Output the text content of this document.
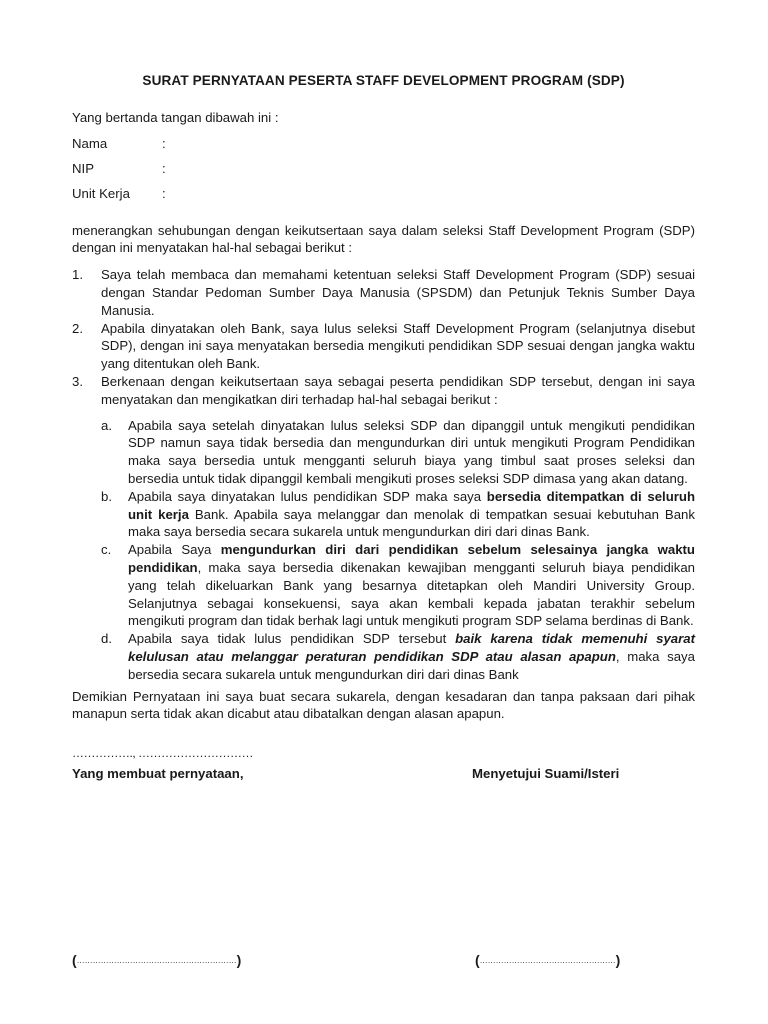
SURAT PERNYATAAN PESERTA STAFF DEVELOPMENT PROGRAM (SDP)
Yang bertanda tangan dibawah ini :
Nama	:
NIP	:
Unit Kerja	:
menerangkan sehubungan dengan keikutsertaan saya dalam seleksi Staff Development Program (SDP) dengan ini menyatakan hal-hal sebagai berikut :
1.	Saya telah membaca dan memahami ketentuan seleksi Staff Development Program (SDP) sesuai dengan Standar Pedoman Sumber Daya Manusia (SPSDM) dan Petunjuk Teknis Sumber Daya Manusia.
2.	Apabila dinyatakan oleh Bank, saya lulus seleksi Staff Development Program (selanjutnya disebut SDP), dengan ini saya menyatakan bersedia mengikuti pendidikan SDP sesuai dengan jangka waktu yang ditentukan oleh Bank.
3.	Berkenaan dengan keikutsertaan saya sebagai peserta pendidikan SDP tersebut, dengan ini saya menyatakan dan mengikatkan diri terhadap hal-hal sebagai berikut :
a.	Apabila saya setelah dinyatakan lulus seleksi SDP dan dipanggil untuk mengikuti pendidikan SDP namun saya tidak bersedia dan mengundurkan diri untuk mengikuti Program Pendidikan maka saya bersedia untuk mengganti seluruh biaya yang timbul saat proses seleksi dan bersedia untuk tidak dipanggil kembali mengikuti proses seleksi SDP dimasa yang akan datang.
b.	Apabila saya dinyatakan lulus pendidikan SDP maka saya bersedia ditempatkan di seluruh unit kerja Bank. Apabila saya melanggar dan menolak di tempatkan sesuai kebutuhan Bank maka saya bersedia secara sukarela untuk mengundurkan diri dari dinas Bank.
c.	Apabila Saya mengundurkan diri dari pendidikan sebelum selesainya jangka waktu pendidikan, maka saya bersedia dikenakan kewajiban mengganti seluruh biaya pendidikan yang telah dikeluarkan Bank yang besarnya ditetapkan oleh Mandiri University Group. Selanjutnya sebagai konsekuensi, saya akan kembali kepada jabatan terakhir sebelum mengikuti program dan tidak berhak lagi untuk mengikuti program SDP selama berdinas di Bank.
d.	Apabila saya tidak lulus pendidikan SDP tersebut baik karena tidak memenuhi syarat kelulusan atau melanggar peraturan pendidikan SDP atau alasan apapun, maka saya bersedia secara sukarela untuk mengundurkan diri dari dinas Bank
Demikian Pernyataan ini saya buat secara sukarela, dengan kesadaran dan tanpa paksaan dari pihak manapun serta tidak akan dicabut atau dibatalkan dengan alasan apapun.
……………., …………………………
Yang membuat pernyataan,	Menyetujui Suami/Isteri
(……………………………………………………)	(……………………………………………)
